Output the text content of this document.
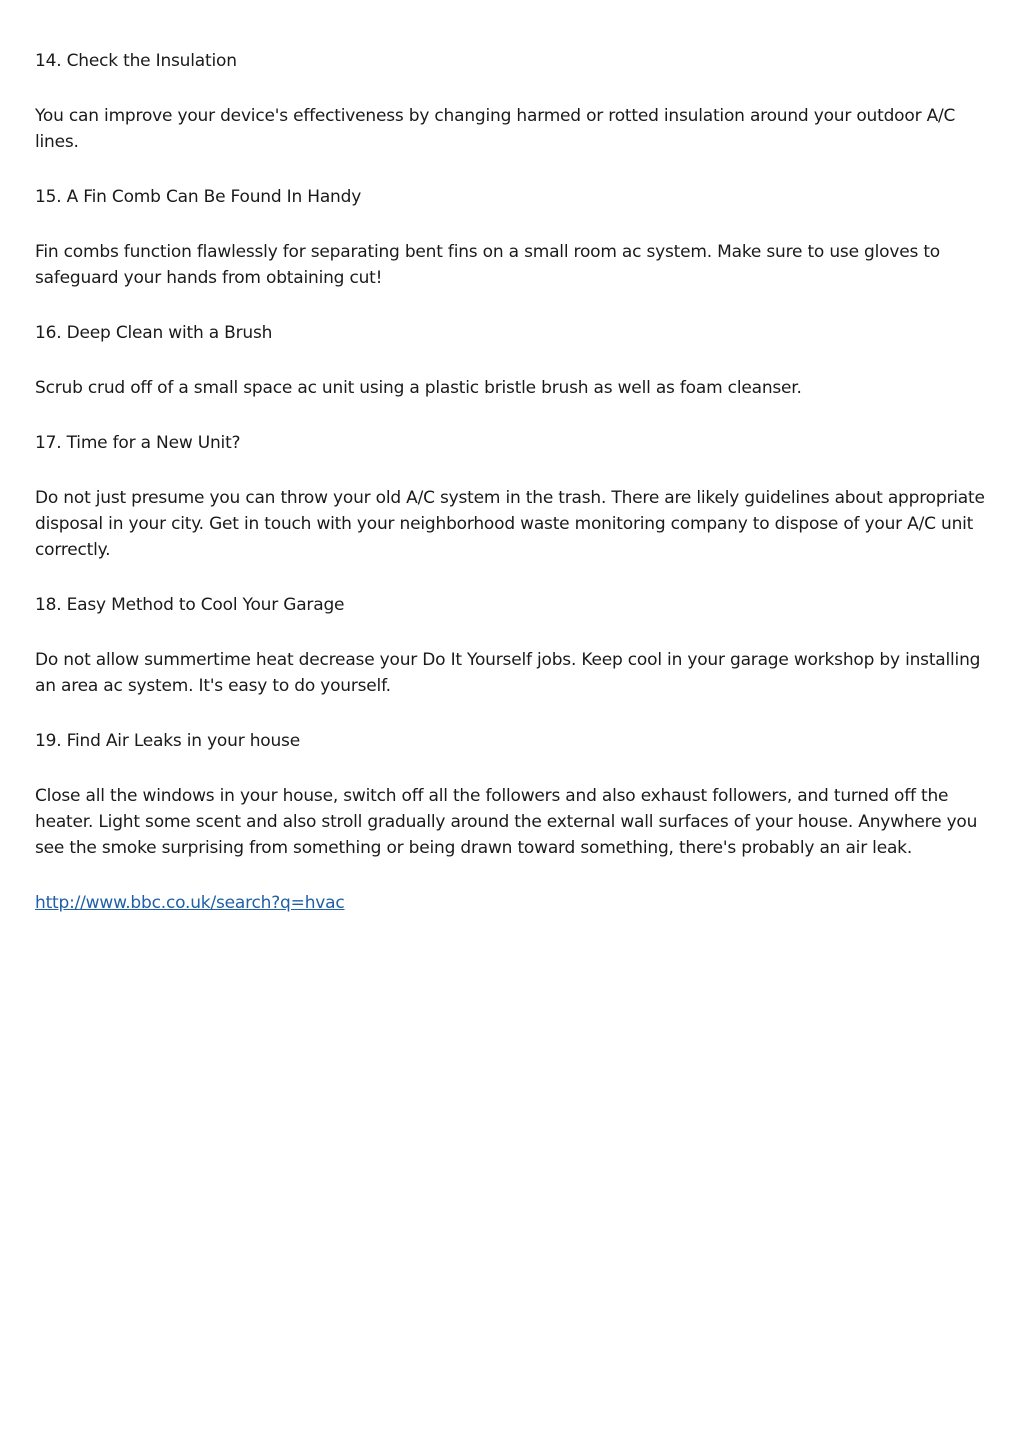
14. Check the Insulation

You can improve your device's effectiveness by changing harmed or rotted insulation around your outdoor A/C lines.

15. A Fin Comb Can Be Found In Handy

Fin combs function flawlessly for separating bent fins on a small room ac system. Make sure to use gloves to safeguard your hands from obtaining cut!

16. Deep Clean with a Brush

Scrub crud off of a small space ac unit using a plastic bristle brush as well as foam cleanser.

17. Time for a New Unit?

Do not just presume you can throw your old A/C system in the trash. There are likely guidelines about appropriate disposal in your city. Get in touch with your neighborhood waste monitoring company to dispose of your A/C unit correctly.

18. Easy Method to Cool Your Garage

Do not allow summertime heat decrease your Do It Yourself jobs. Keep cool in your garage workshop by installing an area ac system. It's easy to do yourself.

19. Find Air Leaks in your house

Close all the windows in your house, switch off all the followers and also exhaust followers, and turned off the heater. Light some scent and also stroll gradually around the external wall surfaces of your house. Anywhere you see the smoke surprising from something or being drawn toward something, there's probably an air leak.

http://www.bbc.co.uk/search?q=hvac
